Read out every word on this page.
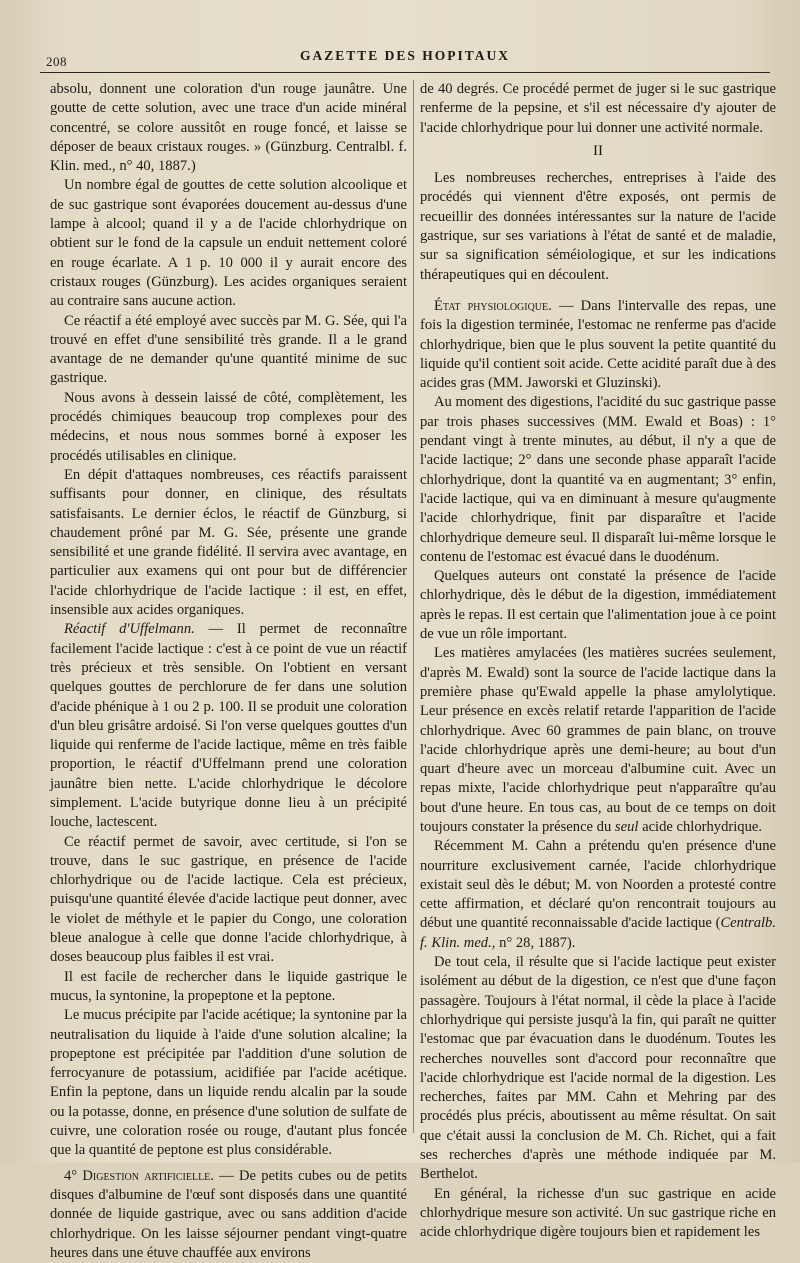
208	GAZETTE DES HOPITAUX

absolu, donnent une coloration d'un rouge jaunâtre. Une goutte de cette solution, avec une trace d'un acide minéral concentré, se colore aussitôt en rouge foncé, et laisse se déposer de beaux cristaux rouges. » (Günzburg. Centralbl. f. Klin. med., n° 40, 1887.)

Un nombre égal de gouttes de cette solution alcoolique et de suc gastrique sont évaporées doucement au-dessus d'une lampe à alcool; quand il y a de l'acide chlorhydrique on obtient sur le fond de la capsule un enduit nettement coloré en rouge écarlate. A 1 p. 10 000 il y aurait encore des cristaux rouges (Günzburg). Les acides organiques seraient au contraire sans aucune action.

Ce réactif a été employé avec succès par M. G. Sée, qui l'a trouvé en effet d'une sensibilité très grande. Il a le grand avantage de ne demander qu'une quantité minime de suc gastrique.

Nous avons à dessein laissé de côté, complètement, les procédés chimiques beaucoup trop complexes pour des médecins, et nous nous sommes borné à exposer les procédés utilisables en clinique.

En dépit d'attaques nombreuses, ces réactifs paraissent suffisants pour donner, en clinique, des résultats satisfaisants. Le dernier éclos, le réactif de Günzburg, si chaudement prôné par M. G. Sée, présente une grande sensibilité et une grande fidélité. Il servira avec avantage, en particulier aux examens qui ont pour but de différencier l'acide chlorhydrique de l'acide lactique : il est, en effet, insensible aux acides organiques.

Réactif d'Uffelmann. — Il permet de reconnaître facilement l'acide lactique : c'est à ce point de vue un réactif très précieux et très sensible. On l'obtient en versant quelques gouttes de perchlorure de fer dans une solution d'acide phénique à 1 ou 2 p. 100. Il se produit une coloration d'un bleu grisâtre ardoisé. Si l'on verse quelques gouttes d'un liquide qui renferme de l'acide lactique, même en très faible proportion, le réactif d'Uffelmann prend une coloration jaunâtre bien nette. L'acide chlorhydrique le décolore simplement. L'acide butyrique donne lieu à un précipité louche, lactescent.

Ce réactif permet de savoir, avec certitude, si l'on se trouve, dans le suc gastrique, en présence de l'acide chlorhydrique ou de l'acide lactique. Cela est précieux, puisqu'une quantité élevée d'acide lactique peut donner, avec le violet de méthyle et le papier du Congo, une coloration bleue analogue à celle que donne l'acide chlorhydrique, à doses beaucoup plus faibles il est vrai.

Il est facile de rechercher dans le liquide gastrique le mucus, la syntonine, la propeptone et la peptone.

Le mucus précipite par l'acide acétique; la syntonine par la neutralisation du liquide à l'aide d'une solution alcaline; la propeptone est précipitée par l'addition d'une solution de ferrocyanure de potassium, acidifiée par l'acide acétique. Enfin la peptone, dans un liquide rendu alcalin par la soude ou la potasse, donne, en présence d'une solution de sulfate de cuivre, une coloration rosée ou rouge, d'autant plus foncée que la quantité de peptone est plus considérable.

4° Digestion artificielle. — De petits cubes ou de petits disques d'albumine de l'œuf sont disposés dans une quantité donnée de liquide gastrique, avec ou sans addition d'acide chlorhydrique. On les laisse séjourner pendant vingt-quatre heures dans une étuve chauffée aux environs

de 40 degrés. Ce procédé permet de juger si le suc gastrique renferme de la pepsine, et s'il est nécessaire d'y ajouter de l'acide chlorhydrique pour lui donner une activité normale.

II

Les nombreuses recherches, entreprises à l'aide des procédés qui viennent d'être exposés, ont permis de recueillir des données intéressantes sur la nature de l'acide gastrique, sur ses variations à l'état de santé et de maladie, sur sa signification séméiologique, et sur les indications thérapeutiques qui en découlent.

État physiologique. — Dans l'intervalle des repas, une fois la digestion terminée, l'estomac ne renferme pas d'acide chlorhydrique, bien que le plus souvent la petite quantité du liquide qu'il contient soit acide. Cette acidité paraît due à des acides gras (MM. Jaworski et Gluzinski).

Au moment des digestions, l'acidité du suc gastrique passe par trois phases successives (MM. Ewald et Boas) : 1° pendant vingt à trente minutes, au début, il n'y a que de l'acide lactique; 2° dans une seconde phase apparaît l'acide chlorhydrique, dont la quantité va en augmentant; 3° enfin, l'acide lactique, qui va en diminuant à mesure qu'augmente l'acide chlorhydrique, finit par disparaître et l'acide chlorhydrique demeure seul. Il disparaît lui-même lorsque le contenu de l'estomac est évacué dans le duodénum.

Quelques auteurs ont constaté la présence de l'acide chlorhydrique, dès le début de la digestion, immédiatement après le repas. Il est certain que l'alimentation joue à ce point de vue un rôle important.

Les matières amylacées (les matières sucrées seulement, d'après M. Ewald) sont la source de l'acide lactique dans la première phase qu'Ewald appelle la phase amylolytique. Leur présence en excès relatif retarde l'apparition de l'acide chlorhydrique. Avec 60 grammes de pain blanc, on trouve l'acide chlorhydrique après une demi-heure; au bout d'un quart d'heure avec un morceau d'albumine cuit. Avec un repas mixte, l'acide chlorhydrique peut n'apparaître qu'au bout d'une heure. En tous cas, au bout de ce temps on doit toujours constater la présence du seul acide chlorhydrique.

Récemment M. Cahn a prétendu qu'en présence d'une nourriture exclusivement carnée, l'acide chlorhydrique existait seul dès le début; M. von Noorden a protesté contre cette affirmation, et déclaré qu'on rencontrait toujours au début une quantité reconnaissable d'acide lactique (Centralb. f. Klin. med., n° 28, 1887).

De tout cela, il résulte que si l'acide lactique peut exister isolément au début de la digestion, ce n'est que d'une façon passagère. Toujours à l'état normal, il cède la place à l'acide chlorhydrique qui persiste jusqu'à la fin, qui paraît ne quitter l'estomac que par évacuation dans le duodénum. Toutes les recherches nouvelles sont d'accord pour reconnaître que l'acide chlorhydrique est l'acide normal de la digestion. Les recherches, faites par MM. Cahn et Mehring par des procédés plus précis, aboutissent au même résultat. On sait que c'était aussi la conclusion de M. Ch. Richet, qui a fait ses recherches d'après une méthode indiquée par M. Berthelot.

En général, la richesse d'un suc gastrique en acide chlorhydrique mesure son activité. Un suc gastrique riche en acide chlorhydrique digère toujours bien et rapidement les
